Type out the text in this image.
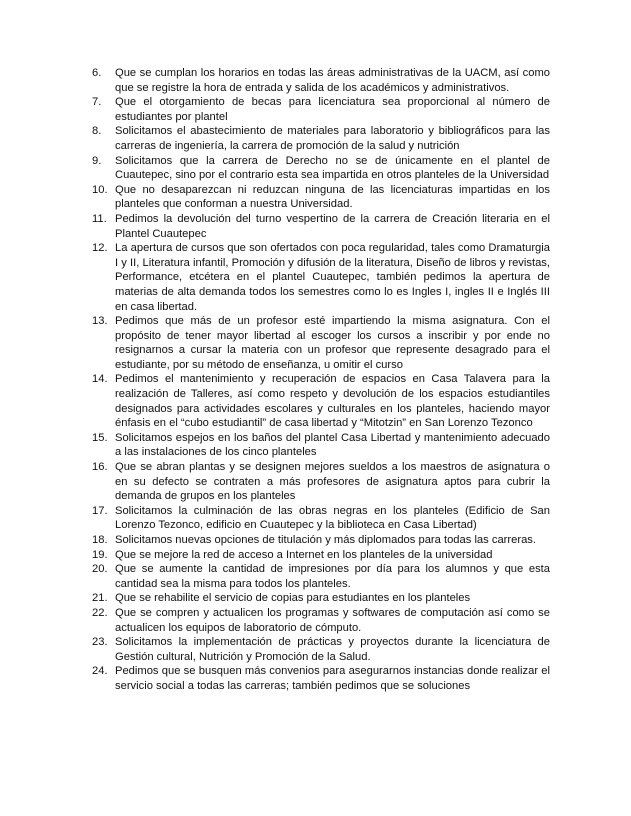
6.	Que se cumplan los horarios en todas las áreas administrativas de la UACM, así como que se registre la hora de entrada y salida de los académicos y administrativos.
7.	Que el otorgamiento de becas para licenciatura sea proporcional al número de estudiantes por plantel
8.	Solicitamos el abastecimiento de materiales para laboratorio y bibliográficos para las carreras de ingeniería, la carrera de promoción de la salud y nutrición
9.	Solicitamos que la carrera de Derecho no se de únicamente en el plantel de Cuautepec, sino por el contrario esta sea impartida en otros planteles de la Universidad
10. Que no desaparezcan ni reduzcan ninguna de las licenciaturas impartidas en los planteles que conforman a nuestra Universidad.
11. Pedimos la devolución del turno vespertino de la carrera de Creación literaria en el Plantel Cuautepec
12. La apertura de cursos que son ofertados con poca regularidad, tales como Dramaturgia I y II, Literatura infantil, Promoción y difusión de la literatura, Diseño de libros y revistas, Performance, etcétera en el plantel Cuautepec, también pedimos la apertura de materias de alta demanda todos los semestres como lo es Ingles I, ingles II e Inglés III en casa libertad.
13. Pedimos que más de un profesor esté impartiendo la misma asignatura. Con el propósito de tener mayor libertad al escoger los cursos a inscribir y por ende no resignarnos a cursar la materia con un profesor que represente desagrado para el estudiante, por su método de enseñanza, u omitir el curso
14. Pedimos el mantenimiento y recuperación de espacios en Casa Talavera para la realización de Talleres, así como respeto y devolución de los espacios estudiantiles designados para actividades escolares y culturales en los planteles, haciendo mayor énfasis en el “cubo estudiantil” de casa libertad y “Mitotzin” en San Lorenzo Tezonco
15. Solicitamos espejos en los baños del plantel Casa Libertad y mantenimiento adecuado a las instalaciones de los cinco planteles
16. Que se abran plantas y se designen mejores sueldos a los maestros de asignatura o en su defecto se contraten a más profesores de asignatura aptos para cubrir la demanda de grupos en los planteles
17. Solicitamos la culminación de las obras negras en los planteles (Edificio de San Lorenzo Tezonco, edificio en Cuautepec y la biblioteca en Casa Libertad)
18. Solicitamos nuevas opciones de titulación y más diplomados para todas las carreras.
19. Que se mejore la red de acceso a Internet en los planteles de la universidad
20. Que se aumente la cantidad de impresiones por día para los alumnos y que esta cantidad sea la misma para todos los planteles.
21. Que se rehabilite el servicio de copias para estudiantes en los planteles
22. Que se compren y actualicen los programas y softwares de computación así como se actualicen los equipos de laboratorio de cómputo.
23. Solicitamos la implementación de prácticas y proyectos durante la licenciatura de Gestión cultural, Nutrición y Promoción de la Salud.
24. Pedimos que se busquen más convenios para asegurarnos instancias donde realizar el servicio social a todas las carreras; también pedimos que se soluciones
